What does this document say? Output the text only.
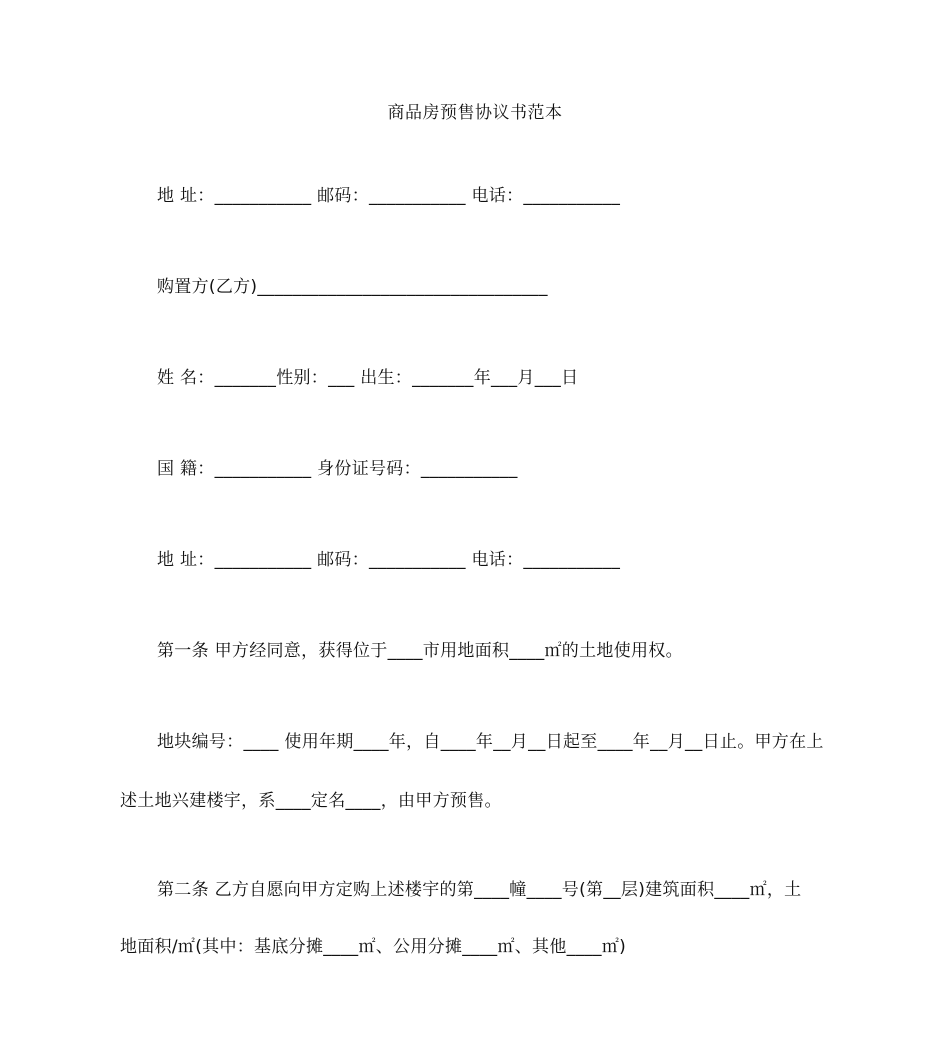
商品房预售协议书范本
地 址：___________ 邮码：___________ 电话：___________
购置方(乙方)_________________________________
姓 名：_______性别：___ 出生：_______年___月___日
国 籍：___________ 身份证号码：___________
地 址：___________ 邮码：___________ 电话：___________
第一条 甲方经同意，获得位于____市用地面积____㎡的土地使用权。
地块编号：____ 使用年期____年，自____年__月__日起至____年__月__日止。甲方在上
述土地兴建楼宇，系____定名____，由甲方预售。
第二条 乙方自愿向甲方定购上述楼宇的第____幢____号(第__层)建筑面积____㎡，土
地面积/㎡(其中：基底分摊____㎡、公用分摊____㎡、其他____㎡)
